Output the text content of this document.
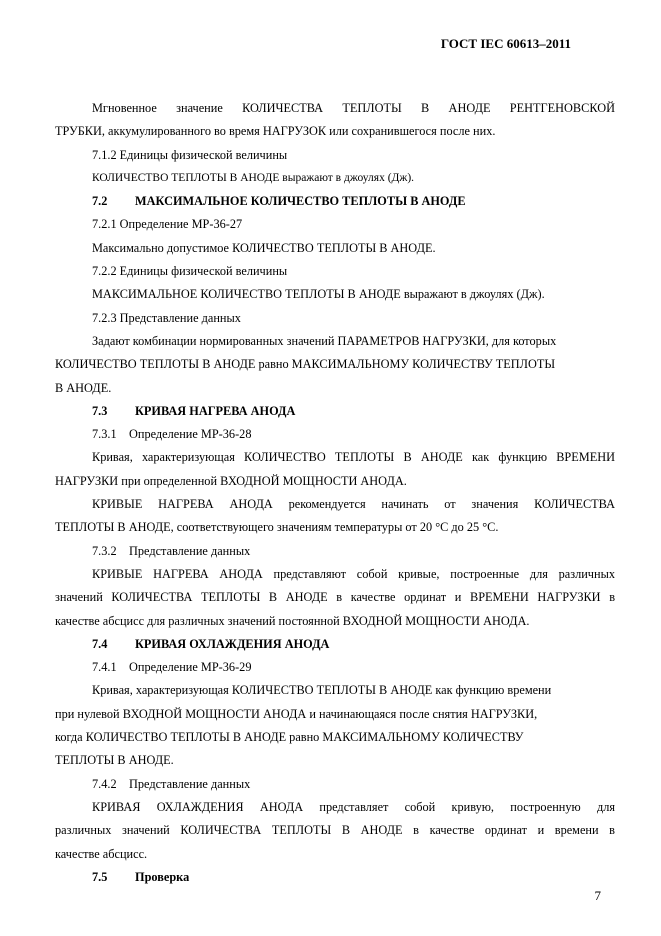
ГОСТ IEC 60613–2011
Мгновенное значение КОЛИЧЕСТВА ТЕПЛОТЫ В АНОДЕ РЕНТГЕНОВСКОЙ
ТРУБКИ, аккумулированного во время НАГРУЗОК или сохранившегося после них.
7.1.2 Единицы физической величины
КОЛИЧЕСТВО ТЕПЛОТЫ В АНОДЕ выражают в джоулях (Дж).
7.2 МАКСИМАЛЬНОЕ КОЛИЧЕСТВО ТЕПЛОТЫ В АНОДЕ
7.2.1 Определение МР-36-27
Максимально допустимое КОЛИЧЕСТВО ТЕПЛОТЫ В АНОДЕ.
7.2.2 Единицы физической величины
МАКСИМАЛЬНОЕ КОЛИЧЕСТВО ТЕПЛОТЫ В АНОДЕ выражают в джоулях (Дж).
7.2.3 Представление данных
Задают комбинации нормированных значений ПАРАМЕТРОВ НАГРУЗКИ, для которых
КОЛИЧЕСТВО ТЕПЛОТЫ В АНОДЕ равно МАКСИМАЛЬНОМУ КОЛИЧЕСТВУ ТЕПЛОТЫ
В АНОДЕ.
7.3 КРИВАЯ НАГРЕВА АНОДА
7.3.1 Определение МР-36-28
Кривая, характеризующая КОЛИЧЕСТВО ТЕПЛОТЫ В АНОДЕ как функцию ВРЕМЕНИ
НАГРУЗКИ при определенной ВХОДНОЙ МОЩНОСТИ АНОДА.
КРИВЫЕ НАГРЕВА АНОДА рекомендуется начинать от значения КОЛИЧЕСТВА
ТЕПЛОТЫ В АНОДЕ, соответствующего значениям температуры от 20 °С до 25 °С.
7.3.2 Представление данных
КРИВЫЕ НАГРЕВА АНОДА представляют собой кривые, построенные для различных
значений КОЛИЧЕСТВА ТЕПЛОТЫ В АНОДЕ в качестве ординат и ВРЕМЕНИ НАГРУЗКИ в
качестве абсцисс для различных значений постоянной ВХОДНОЙ МОЩНОСТИ АНОДА.
7.4 КРИВАЯ ОХЛАЖДЕНИЯ АНОДА
7.4.1 Определение МР-36-29
Кривая, характеризующая КОЛИЧЕСТВО ТЕПЛОТЫ В АНОДЕ как функцию времени
при нулевой ВХОДНОЙ МОЩНОСТИ АНОДА и начинающаяся после снятия НАГРУЗКИ,
когда КОЛИЧЕСТВО ТЕПЛОТЫ В АНОДЕ равно МАКСИМАЛЬНОМУ КОЛИЧЕСТВУ
ТЕПЛОТЫ В АНОДЕ.
7.4.2 Представление данных
КРИВАЯ ОХЛАЖДЕНИЯ АНОДА представляет собой кривую, построенную для
различных значений КОЛИЧЕСТВА ТЕПЛОТЫ В АНОДЕ в качестве ординат и времени в
качестве абсцисс.
7.5 Проверка
7
